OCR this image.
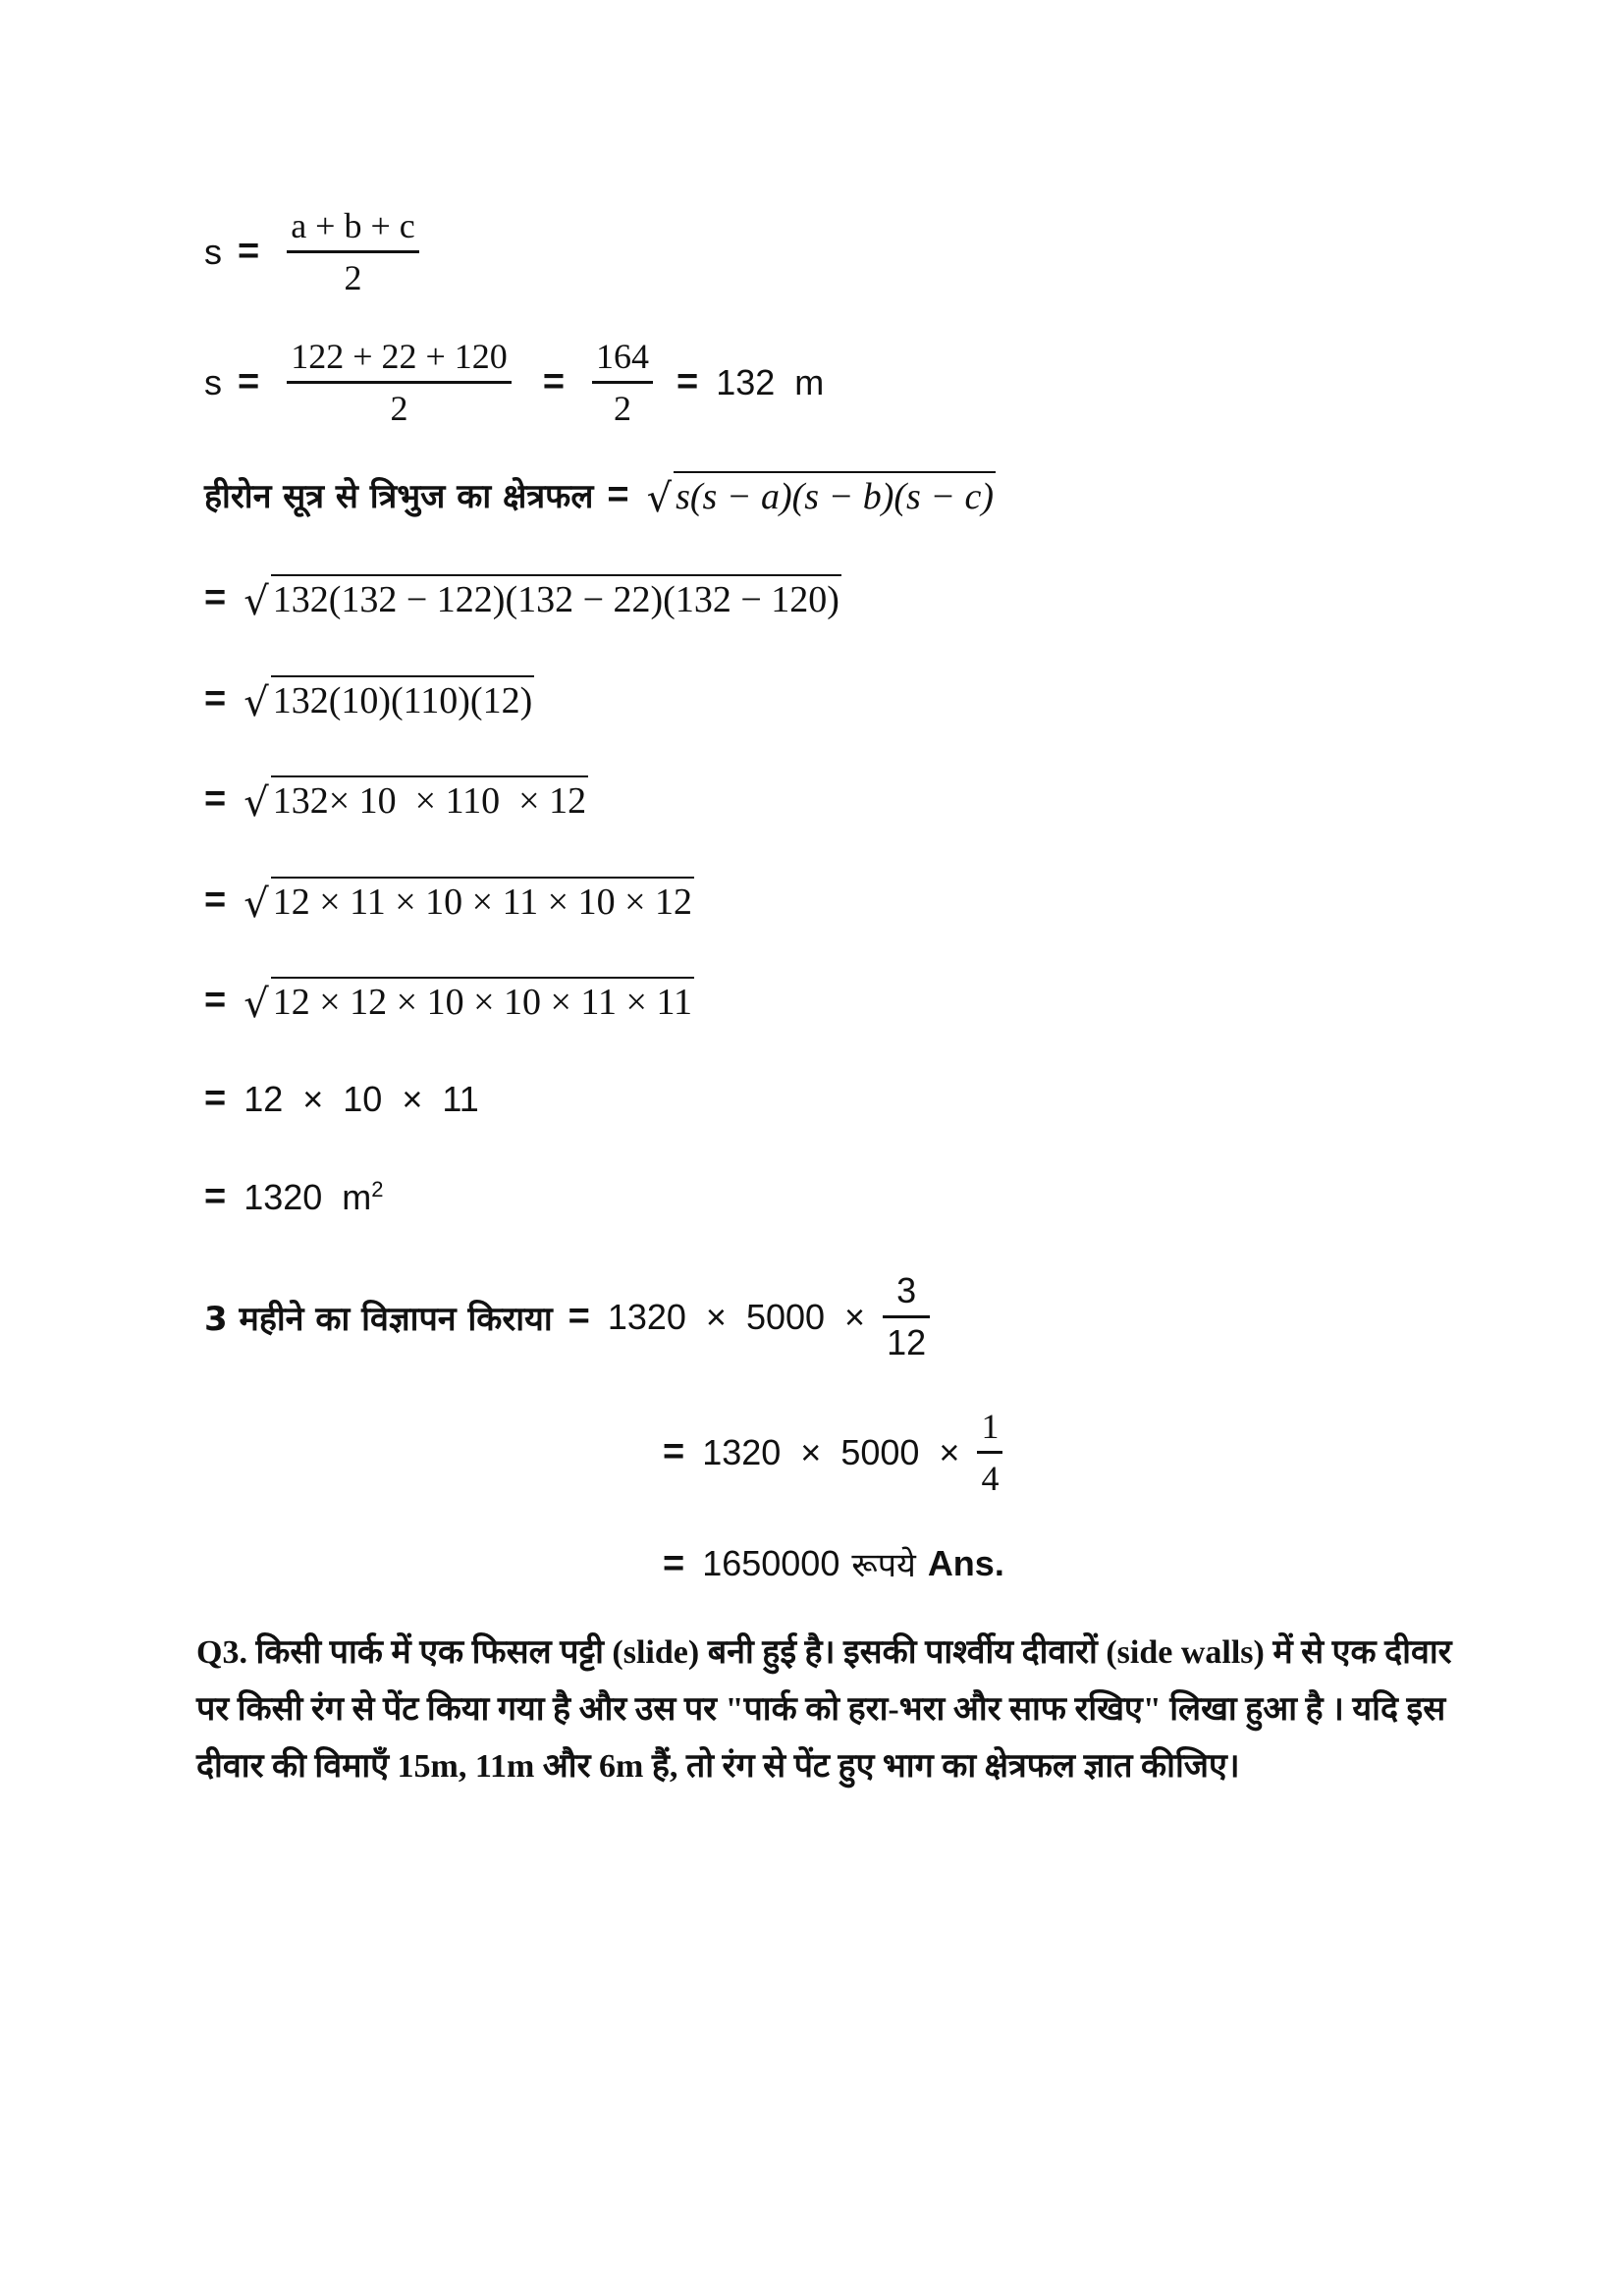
$s = \frac{a + b + c}{2}$
$s = \frac{122 + 22 + 120}{2} = \frac{164}{2} = 132$  m
हीरोन सूत्र से त्रिभुज का क्षेत्रफल = √ s(s − a)(s − b)(s − c)
= √ 132(132 − 122)(132 − 22)(132 − 120)
= √ 132(10)(110)(12)
= √ 132× 10  × 110  × 12
= √ 12 × 11 × 10 × 11 × 10 × 12
= √ 12 × 12 × 10 × 10 × 11 × 11
= 12  ×  10  ×  11
= 1320  $m^2$
3 महीने का विज्ञापन किराया = $1320 \times 5000 \times \frac{3}{12}$
= $1320 \times 5000 \times \frac{1}{4}$
= 1650000 रूपये Ans.
Q3. किसी पार्क में एक फिसल पट्टी (slide) बनी हुई है। इसकी पार्श्वीय दीवारों (side walls) में से एक दीवार पर किसी रंग से पेंट किया गया है और उस पर "पार्क को हरा-भरा और साफ रखिए" लिखा हुआ है । यदि इस दीवार की विमाएँ 15m, 11m और 6m हैं, तो रंग से पेंट हुए भाग का क्षेत्रफल ज्ञात कीजिए।
